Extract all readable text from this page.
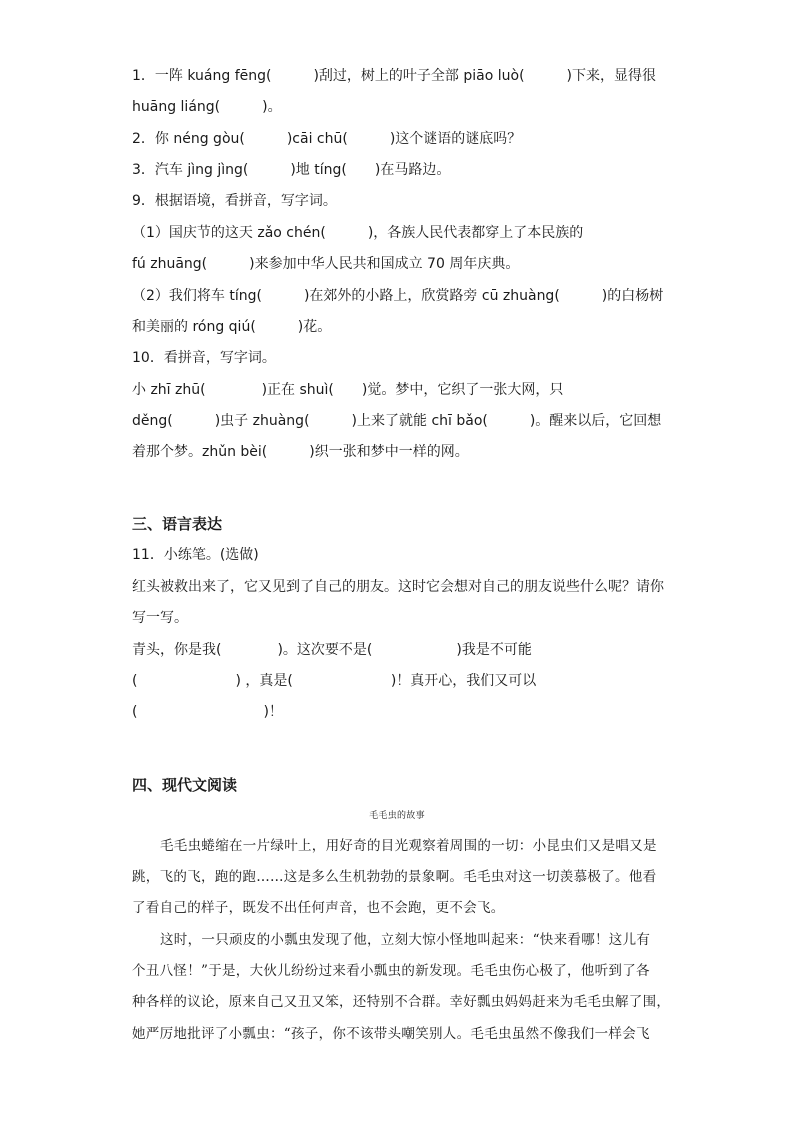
1．一阵 kuáng fēng(　　　)刮过，树上的叶子全部 piāo luò(　　　)下来，显得很
huāng liáng(　　　)。
2．你 néng gòu(　　　)cāi chū(　　　)这个谜语的谜底吗？
3．汽车 jìng jìng(　　　)地 tíng(　　)在马路边。
9．根据语境，看拼音，写字词。
（1）国庆节的这天 zǎo chén(　　　)，各族人民代表都穿上了本民族的
fú zhuāng(　　　)来参加中华人民共和国成立 70 周年庆典。
（2）我们将车 tíng(　　　)在郊外的小路上，欣赏路旁 cū zhuàng(　　　)的白杨树
和美丽的 róng qiú(　　　)花。
10．看拼音，写字词。
小 zhī zhū(　　　　)正在 shuì(　　)觉。梦中，它织了一张大网，只
děng(　　　)虫子 zhuàng(　　　)上来了就能 chī bǎo(　　　)。醒来以后，它回想
着那个梦。zhǔn bèi(　　　)织一张和梦中一样的网。
三、语言表达
11．小练笔。(选做)
红头被救出来了，它又见到了自己的朋友。这时它会想对自己的朋友说些什么呢？请你
写一写。
青头，你是我(　　　　)。这次要不是(　　　　　　)我是不可能
(　　　　　　　) ，真是(　　　　　　　)！真开心，我们又可以
(　　　　　　　　　)！
四、现代文阅读
毛毛虫的故事
毛毛虫蜷缩在一片绿叶上，用好奇的目光观察着周围的一切：小昆虫们又是唱又是
跳，飞的飞，跑的跑……这是多么生机勃勃的景象啊。毛毛虫对这一切羡慕极了。他看
了看自己的样子，既发不出任何声音，也不会跑，更不会飞。
这时，一只顽皮的小瓢虫发现了他，立刻大惊小怪地叫起来：“快来看哪！这儿有
个丑八怪！”于是，大伙儿纷纷过来看小瓢虫的新发现。毛毛虫伤心极了，他听到了各
种各样的议论，原来自己又丑又笨，还特别不合群。幸好瓢虫妈妈赶来为毛毛虫解了围，
她严厉地批评了小瓢虫：“孩子，你不该带头嘲笑别人。毛毛虫虽然不像我们一样会飞
